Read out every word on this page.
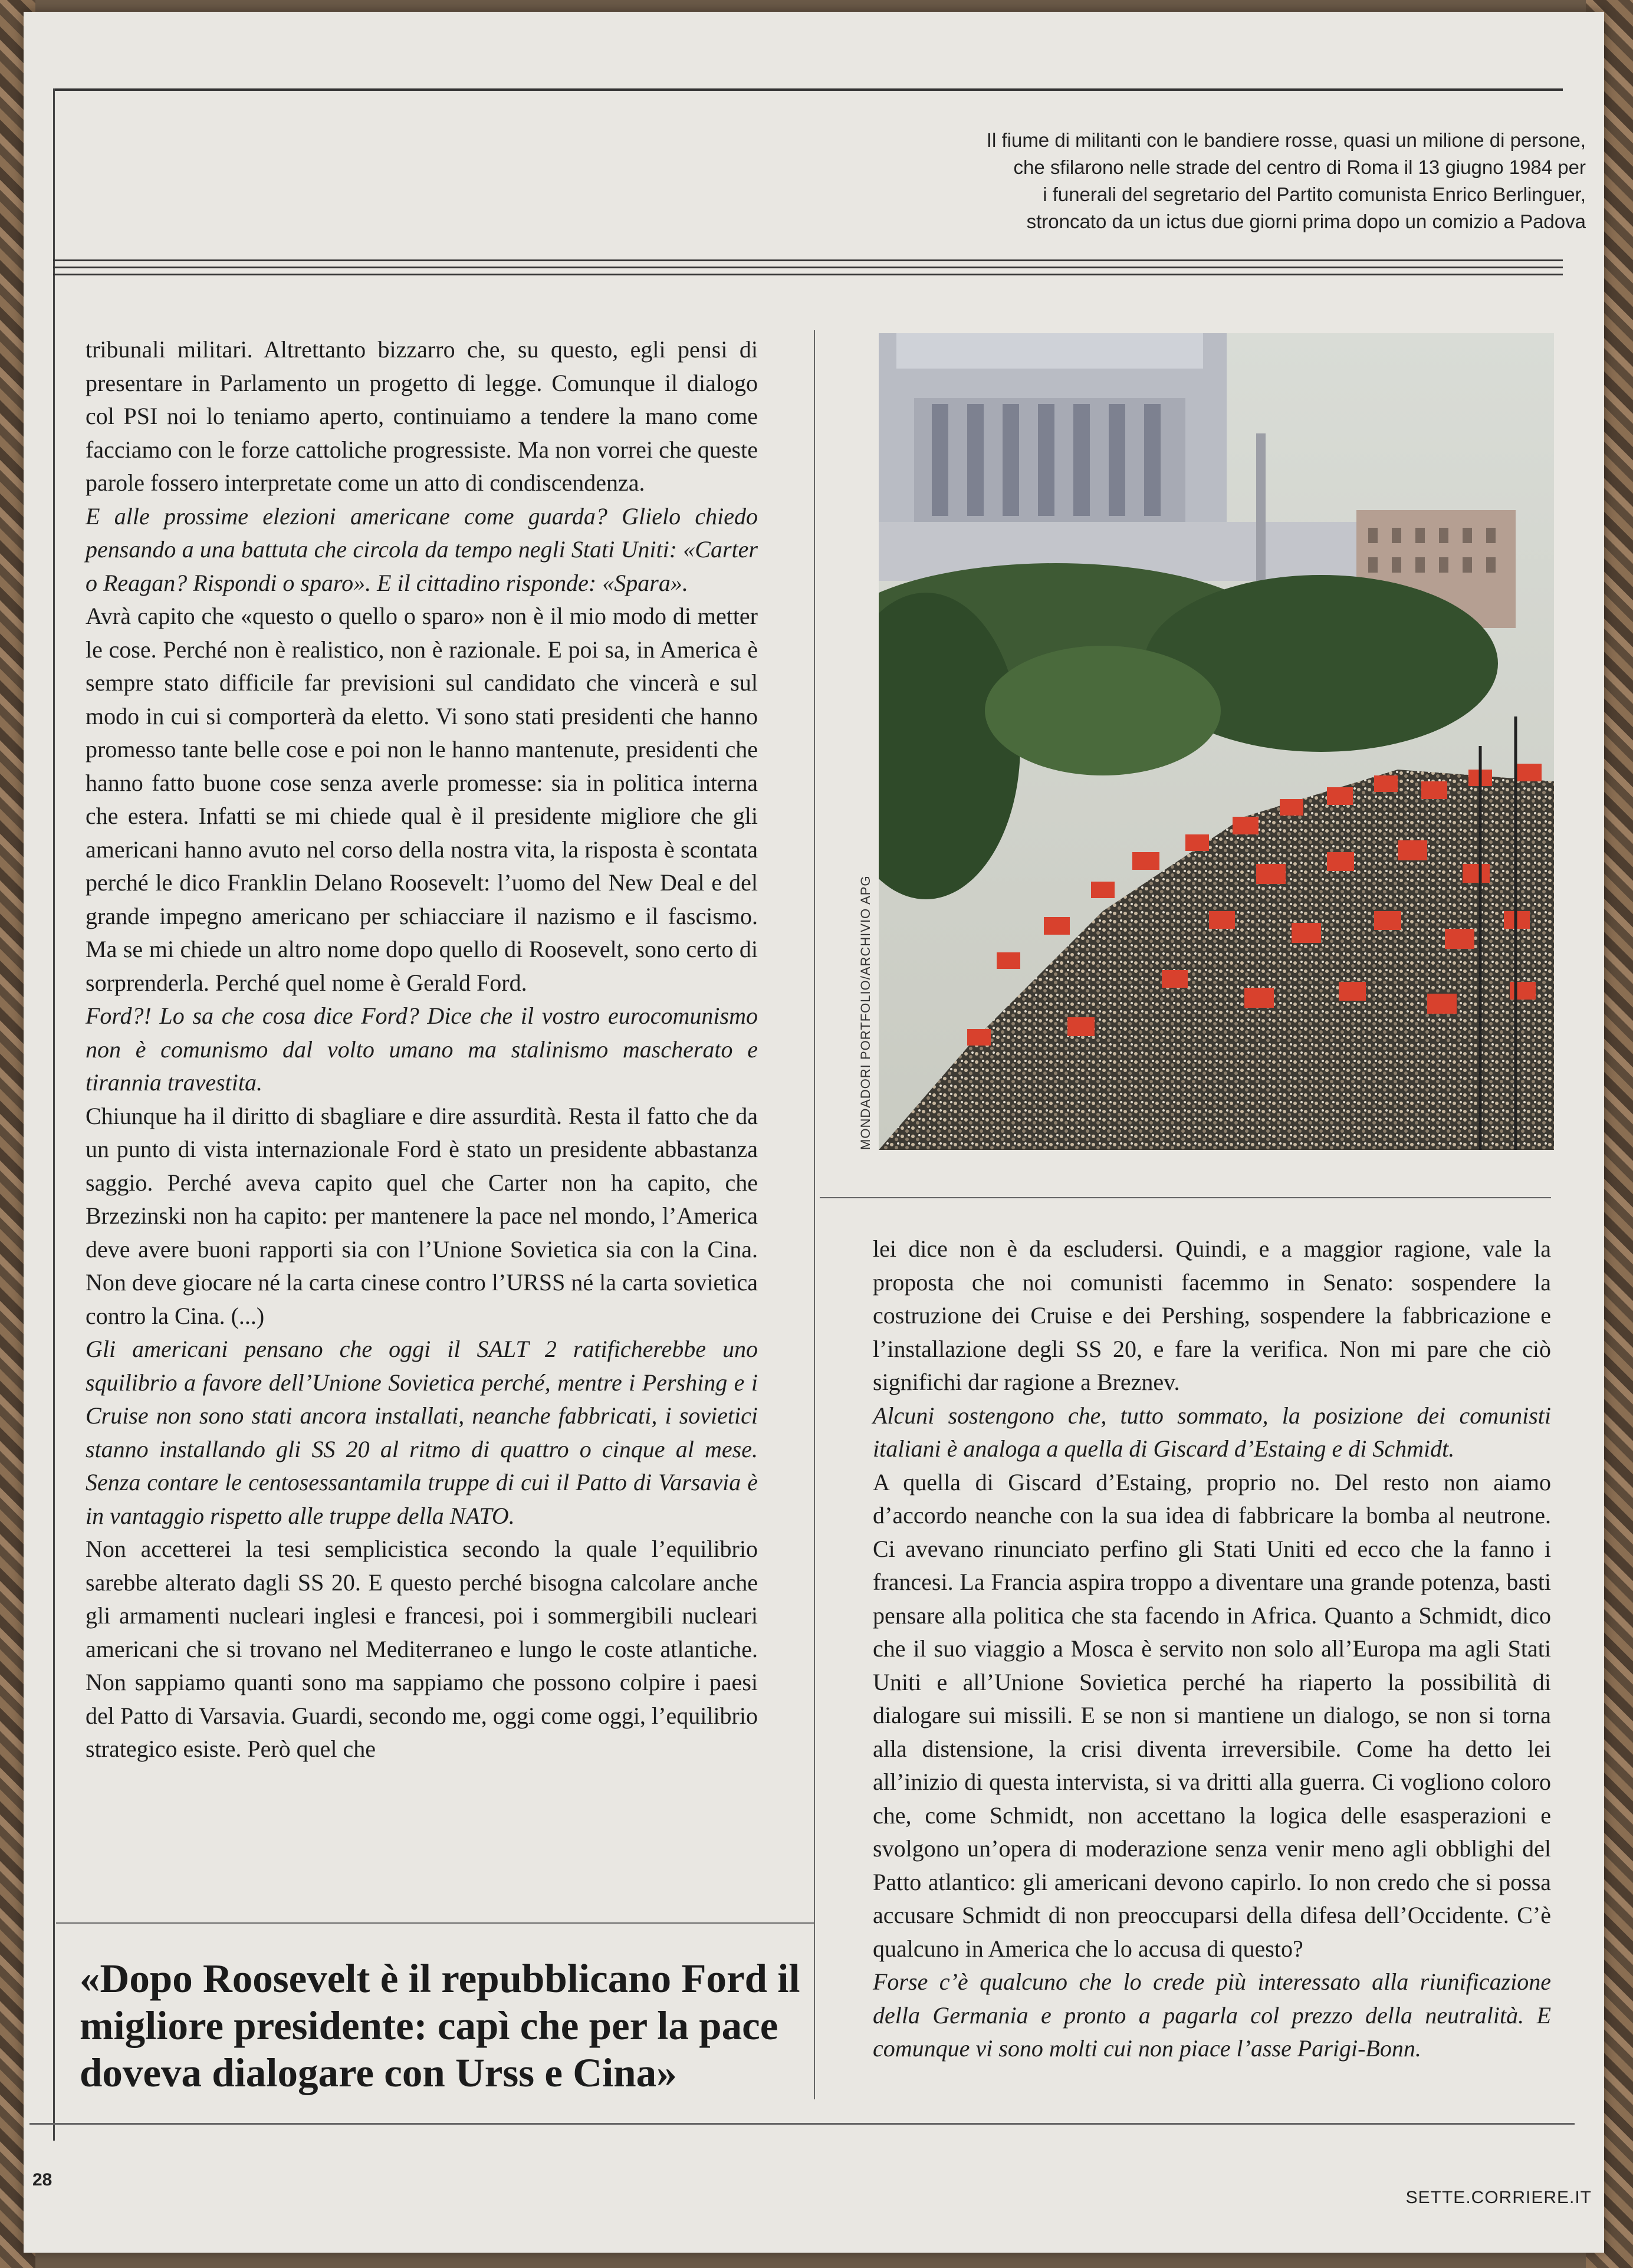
Il fiume di militanti con le bandiere rosse, quasi un milione di persone,
che sfilarono nelle strade del centro di Roma il 13 giugno 1984 per
i funerali del segretario del Partito comunista Enrico Berlinguer,
stroncato da un ictus due giorni prima dopo un comizio a Padova

tribunali militari. Altrettanto bizzarro che, su questo, egli pensi di presentare in Parlamento un progetto di legge. Comunque il dialogo col PSI noi lo teniamo aperto, continuiamo a tendere la mano come facciamo con le forze cattoliche progressiste. Ma non vorrei che queste parole fossero interpretate come un atto di condiscendenza.

E alle prossime elezioni americane come guarda? Glielo chiedo pensando a una battuta che circola da tempo negli Stati Uniti: «Carter o Reagan? Rispondi o sparo». E il cittadino risponde: «Spara».

Avrà capito che «questo o quello o sparo» non è il mio modo di metter le cose. Perché non è realistico, non è razionale. E poi sa, in America è sempre stato difficile far previsioni sul candidato che vincerà e sul modo in cui si comporterà da eletto. Vi sono stati presidenti che hanno promesso tante belle cose e poi non le hanno mantenute, presidenti che hanno fatto buone cose senza averle promesse: sia in politica interna che estera. Infatti se mi chiede qual è il presidente migliore che gli americani hanno avuto nel corso della nostra vita, la risposta è scontata perché le dico Franklin Delano Roosevelt: l’uomo del New Deal e del grande impegno americano per schiacciare il nazismo e il fascismo. Ma se mi chiede un altro nome dopo quello di Roosevelt, sono certo di sorprenderla. Perché quel nome è Gerald Ford.

Ford?! Lo sa che cosa dice Ford? Dice che il vostro eurocomunismo non è comunismo dal volto umano ma stalinismo mascherato e tirannia travestita.

Chiunque ha il diritto di sbagliare e dire assurdità. Resta il fatto che da un punto di vista internazionale Ford è stato un presidente abbastanza saggio. Perché aveva capito quel che Carter non ha capito, che Brzezinski non ha capito: per mantenere la pace nel mondo, l’America deve avere buoni rapporti sia con l’Unione Sovietica sia con la Cina. Non deve giocare né la carta cinese contro l’URSS né la carta sovietica contro la Cina. (...)

Gli americani pensano che oggi il SALT 2 ratificherebbe uno squilibrio a favore dell’Unione Sovietica perché, mentre i Pershing e i Cruise non sono stati ancora installati, neanche fabbricati, i sovietici stanno installando gli SS 20 al ritmo di quattro o cinque al mese. Senza contare le centosessantamila truppe di cui il Patto di Varsavia è in vantaggio rispetto alle truppe della NATO.

Non accetterei la tesi semplicistica secondo la quale l’equilibrio sarebbe alterato dagli SS 20. E questo perché bisogna calcolare anche gli armamenti nucleari inglesi e francesi, poi i sommergibili nucleari americani che si trovano nel Mediterraneo e lungo le coste atlantiche. Non sappiamo quanti sono ma sappiamo che possono colpire i paesi del Patto di Varsavia. Guardi, secondo me, oggi come oggi, l’equilibrio strategico esiste. Però quel che

MONDADORI PORTFOLIO/ARCHIVIO APG

lei dice non è da escludersi. Quindi, e a maggior ragione, vale la proposta che noi comunisti facemmo in Senato: sospendere la costruzione dei Cruise e dei Pershing, sospendere la fabbricazione e l’installazione degli SS 20, e fare la verifica. Non mi pare che ciò significhi dar ragione a Breznev.

Alcuni sostengono che, tutto sommato, la posizione dei comunisti italiani è analoga a quella di Giscard d’Estaing e di Schmidt.

A quella di Giscard d’Estaing, proprio no. Del resto non aiamo d’accordo neanche con la sua idea di fabbricare la bomba al neutrone. Ci avevano rinunciato perfino gli Stati Uniti ed ecco che la fanno i francesi. La Francia aspira troppo a diventare una grande potenza, basti pensare alla politica che sta facendo in Africa. Quanto a Schmidt, dico che il suo viaggio a Mosca è servito non solo all’Europa ma agli Stati Uniti e all’Unione Sovietica perché ha riaperto la possibilità di dialogare sui missili. E se non si mantiene un dialogo, se non si torna alla distensione, la crisi diventa irreversibile. Come ha detto lei all’inizio di questa intervista, si va dritti alla guerra. Ci vogliono coloro che, come Schmidt, non accettano la logica delle esasperazioni e svolgono un’opera di moderazione senza venir meno agli obblighi del Patto atlantico: gli americani devono capirlo. Io non credo che si possa accusare Schmidt di non preoccuparsi della difesa dell’Occidente. C’è qualcuno in America che lo accusa di questo?

Forse c’è qualcuno che lo crede più interessato alla riunificazione della Germania e pronto a pagarla col prezzo della neutralità. E comunque vi sono molti cui non piace l’asse Parigi-Bonn.

«Dopo Roosevelt è il repubblicano Ford il migliore presidente: capì che per la pace doveva dialogare con Urss e Cina»
28
SETTE.CORRIERE.IT
